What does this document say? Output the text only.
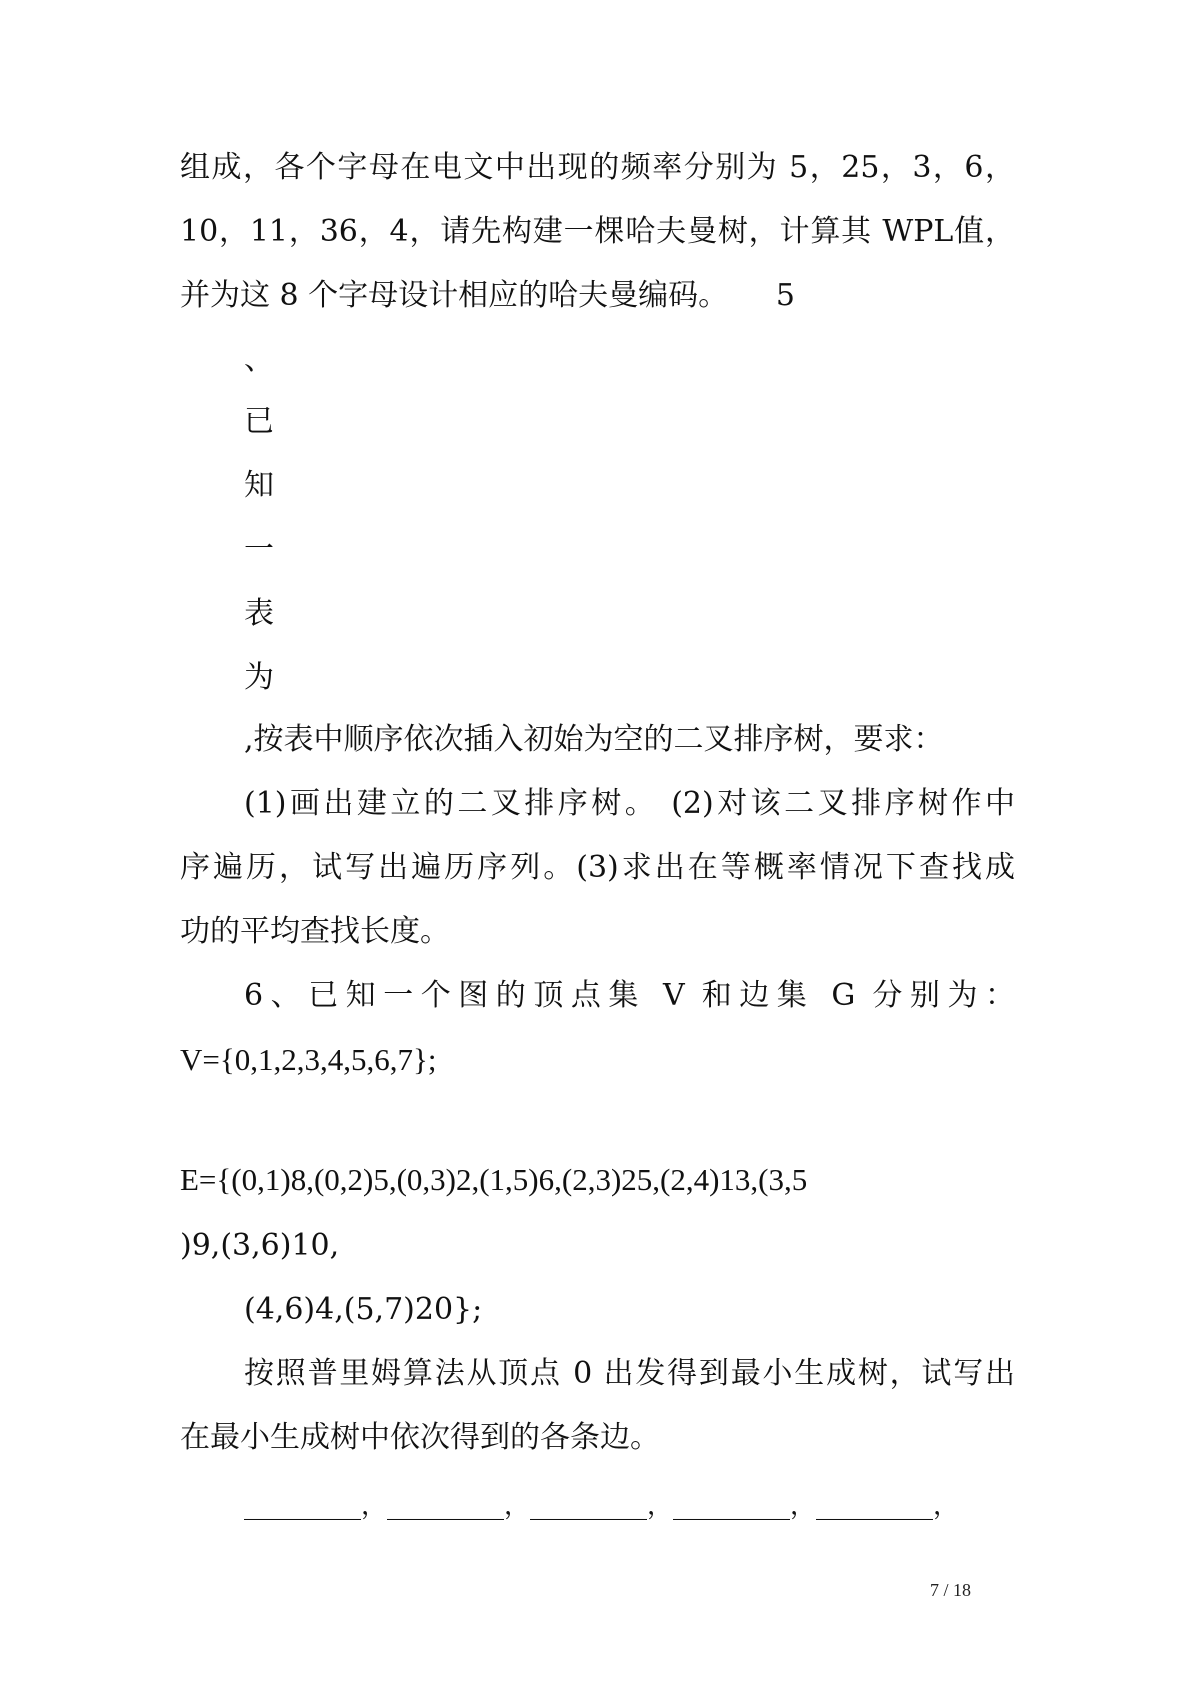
组成，各个字母在电文中出现的频率分别为 5，25，3，6，
10，11，36，4，请先构建一棵哈夫曼树，计算其 WPL值，
并为这 8 个字母设计相应的哈夫曼编码。     5
、
已
知
一
表
为
,按表中顺序依次插入初始为空的二叉排序树，要求：
(1)画出建立的二叉排序树。 (2)对该二叉排序树作中
序遍历，试写出遍历序列。(3)求出在等概率情况下查找成
功的平均查找长度。
6、已知一个图的顶点集 V 和边集 G 分别为：
V={0,1,2,3,4,5,6,7};
E={(0,1)8,(0,2)5,(0,3)2,(1,5)6,(2,3)25,(2,4)13,(3,5
)9,(3,6)10,
(4,6)4,(5,7)20};
按照普里姆算法从顶点 0 出发得到最小生成树，试写出
在最小生成树中依次得到的各条边。
_________，_________，_________，_________，_________，
7 / 18
